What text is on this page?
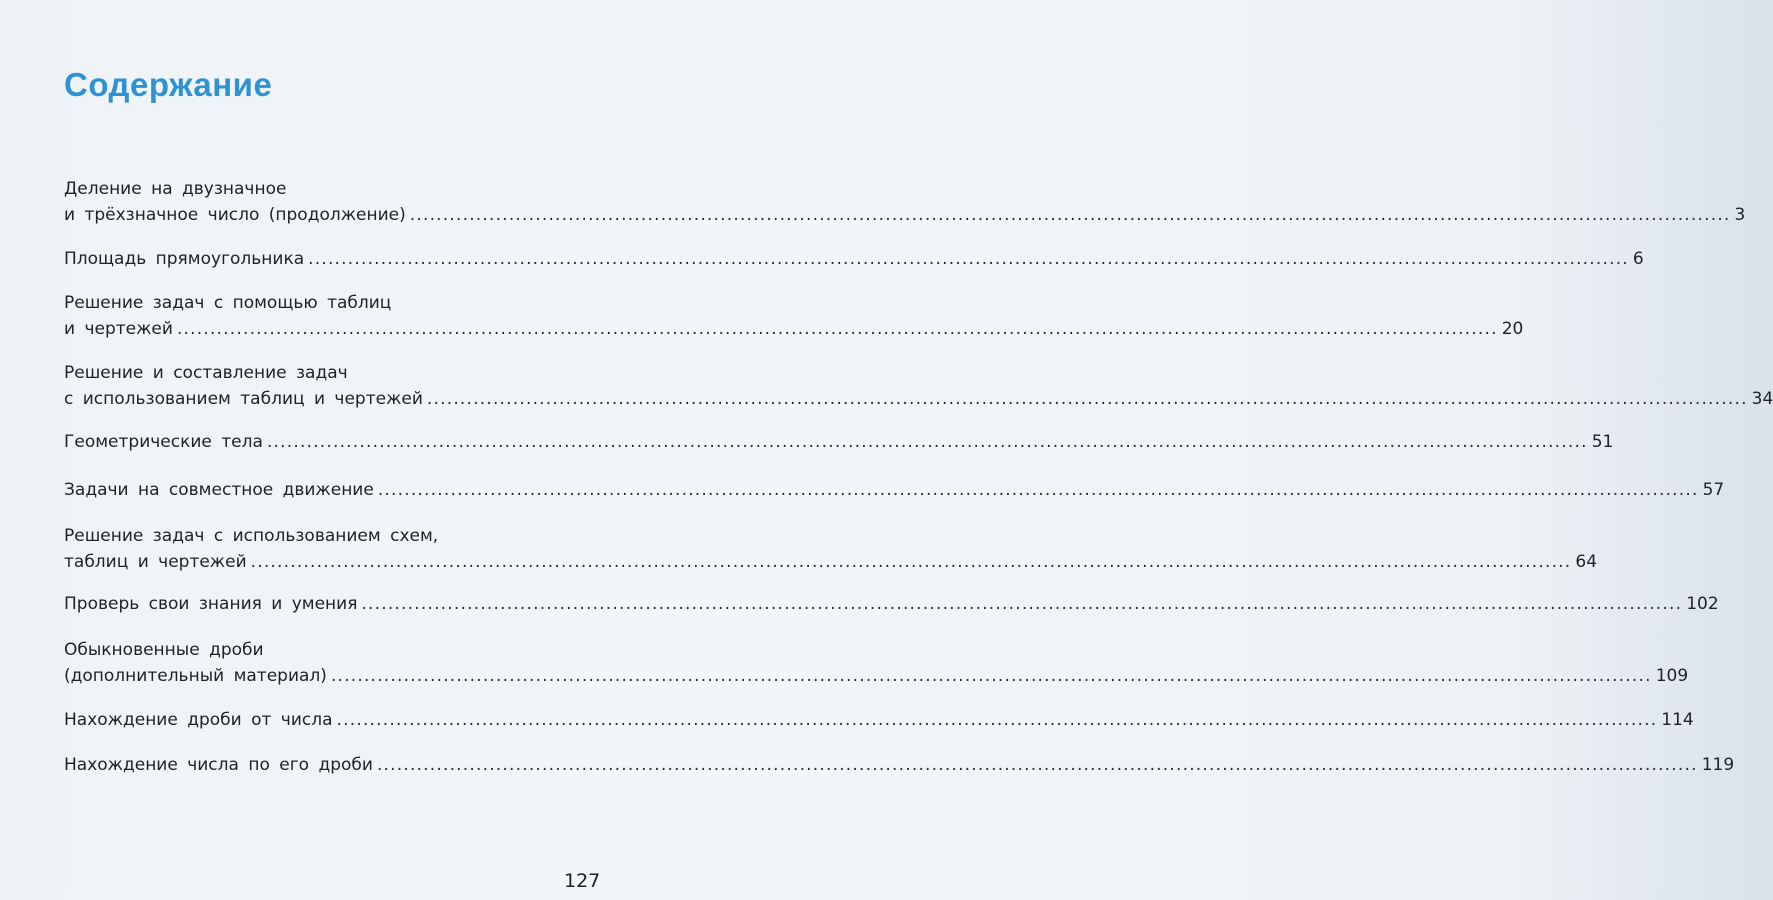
Содержание
Деление на двузначное
и трёхзначное число (продолжение) ........................................................................................................................................................................................................ 3
Площадь прямоугольника ........................................................................................................................................................................................................ 6
Решение задач с помощью таблиц
и чертежей ........................................................................................................................................................................................................ 20
Решение и составление задач
с использованием таблиц и чертежей ........................................................................................................................................................................................................ 34
Геометрические тела ........................................................................................................................................................................................................ 51
Задачи на совместное движение ........................................................................................................................................................................................................ 57
Решение задач с использованием схем,
таблиц и чертежей ........................................................................................................................................................................................................ 64
Проверь свои знания и умения ........................................................................................................................................................................................................ 102
Обыкновенные дроби
(дополнительный материал) ........................................................................................................................................................................................................ 109
Нахождение дроби от числа ........................................................................................................................................................................................................ 114
Нахождение числа по его дроби ........................................................................................................................................................................................................ 119
127
